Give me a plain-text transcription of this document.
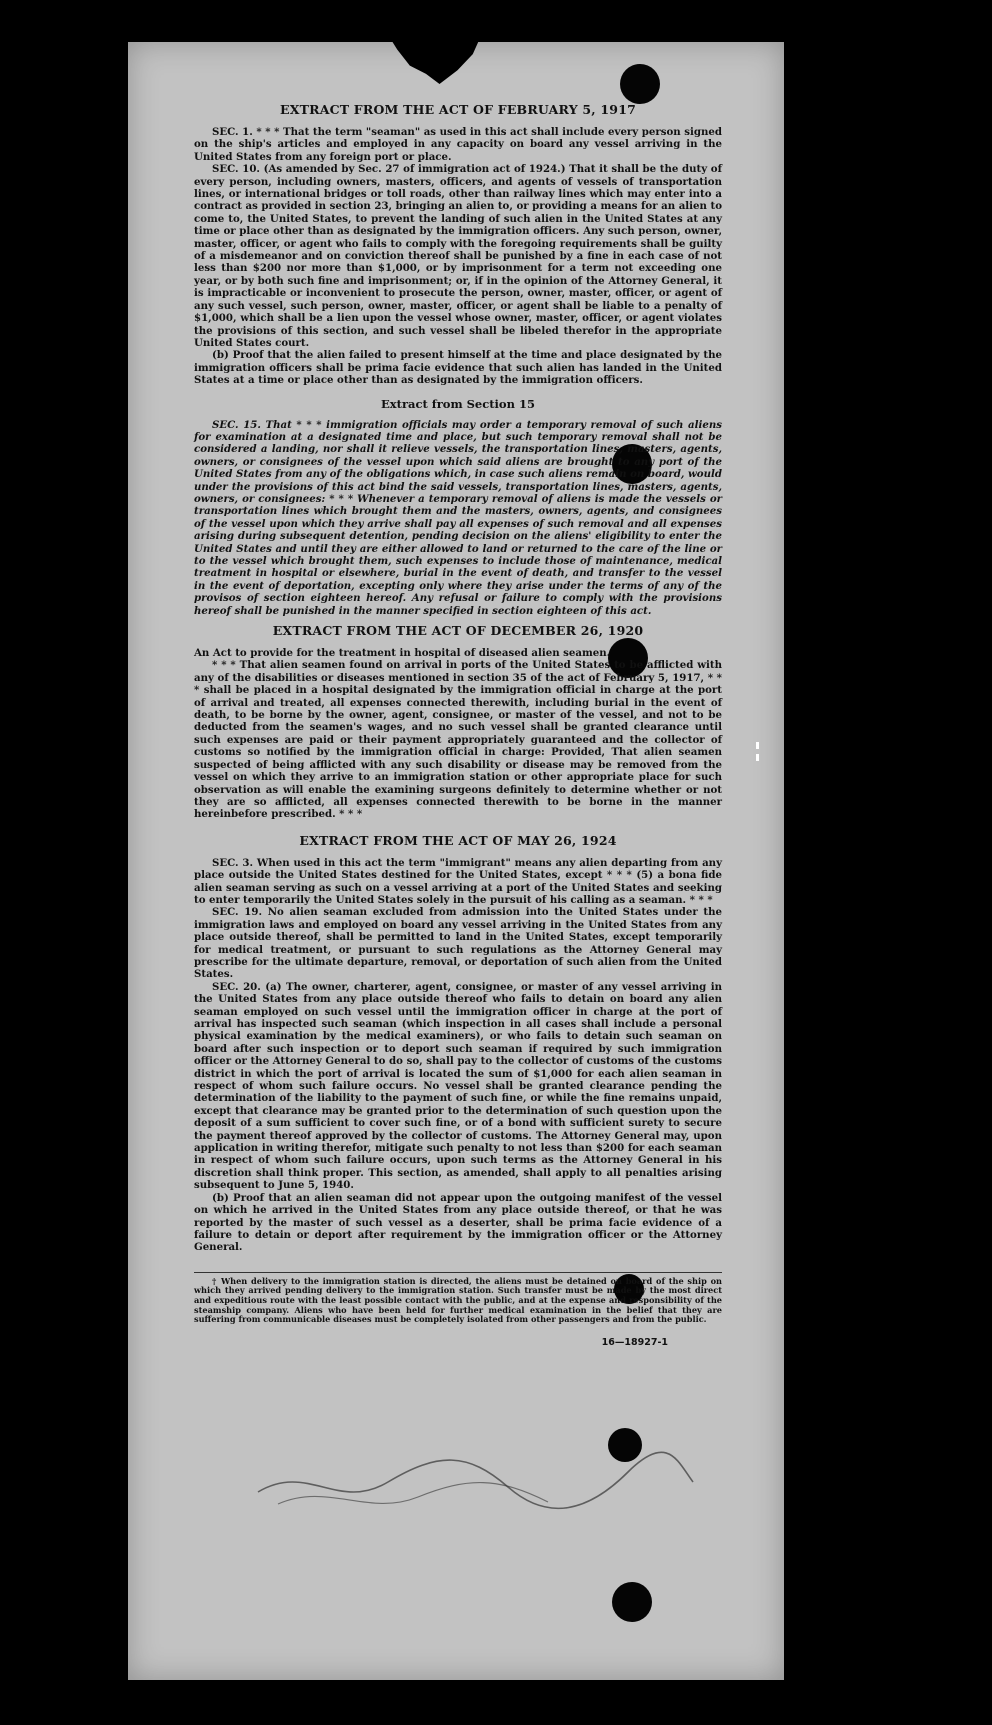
EXTRACT FROM THE ACT OF FEBRUARY 5, 1917

SEC. 1. * * * That the term "seaman" as used in this act shall include every person signed on the ship's articles and employed in any capacity on board any vessel arriving in the United States from any foreign port or place.

SEC. 10. (As amended by Sec. 27 of immigration act of 1924.) That it shall be the duty of every person, including owners, masters, officers, and agents of vessels of transportation lines, or international bridges or toll roads, other than railway lines which may enter into a contract as provided in section 23, bringing an alien to, or providing a means for an alien to come to, the United States, to prevent the landing of such alien in the United States at any time or place other than as designated by the immigration officers. Any such person, owner, master, officer, or agent who fails to comply with the foregoing requirements shall be guilty of a misdemeanor and on conviction thereof shall be punished by a fine in each case of not less than $200 nor more than $1,000, or by imprisonment for a term not exceeding one year, or by both such fine and imprisonment; or, if in the opinion of the Attorney General, it is impracticable or inconvenient to prosecute the person, owner, master, officer, or agent of any such vessel, such person, owner, master, officer, or agent shall be liable to a penalty of $1,000, which shall be a lien upon the vessel whose owner, master, officer, or agent violates the provisions of this section, and such vessel shall be libeled therefor in the appropriate United States court.

(b) Proof that the alien failed to present himself at the time and place designated by the immigration officers shall be prima facie evidence that such alien has landed in the United States at a time or place other than as designated by the immigration officers.

Extract from Section 15

SEC. 15. That * * * immigration officials may order a temporary removal of such aliens for examination at a designated time and place, but such temporary removal shall not be considered a landing, nor shall it relieve vessels, the transportation lines, masters, agents, owners, or consignees of the vessel upon which said aliens are brought to any port of the United States from any of the obligations which, in case such aliens remain on board, would under the provisions of this act bind the said vessels, transportation lines, masters, agents, owners, or consignees: * * * Whenever a temporary removal of aliens is made the vessels or transportation lines which brought them and the masters, owners, agents, and consignees of the vessel upon which they arrive shall pay all expenses of such removal and all expenses arising during subsequent detention, pending decision on the aliens' eligibility to enter the United States and until they are either allowed to land or returned to the care of the line or to the vessel which brought them, such expenses to include those of maintenance, medical treatment in hospital or elsewhere, burial in the event of death, and transfer to the vessel in the event of deportation, excepting only where they arise under the terms of any of the provisos of section eighteen hereof. Any refusal or failure to comply with the provisions hereof shall be punished in the manner specified in section eighteen of this act.

EXTRACT FROM THE ACT OF DECEMBER 26, 1920

An Act to provide for the treatment in hospital of diseased alien seamen.

* * * That alien seamen found on arrival in ports of the United States to be afflicted with any of the disabilities or diseases mentioned in section 35 of the act of February 5, 1917, * * * shall be placed in a hospital designated by the immigration official in charge at the port of arrival and treated, all expenses connected therewith, including burial in the event of death, to be borne by the owner, agent, consignee, or master of the vessel, and not to be deducted from the seamen's wages, and no such vessel shall be granted clearance until such expenses are paid or their payment appropriately guaranteed and the collector of customs so notified by the immigration official in charge: Provided, That alien seamen suspected of being afflicted with any such disability or disease may be removed from the vessel on which they arrive to an immigration station or other appropriate place for such observation as will enable the examining surgeons definitely to determine whether or not they are so afflicted, all expenses connected therewith to be borne in the manner hereinbefore prescribed. * * *

EXTRACT FROM THE ACT OF MAY 26, 1924

SEC. 3. When used in this act the term "immigrant" means any alien departing from any place outside the United States destined for the United States, except * * * (5) a bona fide alien seaman serving as such on a vessel arriving at a port of the United States and seeking to enter temporarily the United States solely in the pursuit of his calling as a seaman. * * *

SEC. 19. No alien seaman excluded from admission into the United States under the immigration laws and employed on board any vessel arriving in the United States from any place outside thereof, shall be permitted to land in the United States, except temporarily for medical treatment, or pursuant to such regulations as the Attorney General may prescribe for the ultimate departure, removal, or deportation of such alien from the United States.

SEC. 20. (a) The owner, charterer, agent, consignee, or master of any vessel arriving in the United States from any place outside thereof who fails to detain on board any alien seaman employed on such vessel until the immigration officer in charge at the port of arrival has inspected such seaman (which inspection in all cases shall include a personal physical examination by the medical examiners), or who fails to detain such seaman on board after such inspection or to deport such seaman if required by such immigration officer or the Attorney General to do so, shall pay to the collector of customs of the customs district in which the port of arrival is located the sum of $1,000 for each alien seaman in respect of whom such failure occurs. No vessel shall be granted clearance pending the determination of the liability to the payment of such fine, or while the fine remains unpaid, except that clearance may be granted prior to the determination of such question upon the deposit of a sum sufficient to cover such fine, or of a bond with sufficient surety to secure the payment thereof approved by the collector of customs. The Attorney General may, upon application in writing therefor, mitigate such penalty to not less than $200 for each seaman in respect of whom such failure occurs, upon such terms as the Attorney General in his discretion shall think proper. This section, as amended, shall apply to all penalties arising subsequent to June 5, 1940.

(b) Proof that an alien seaman did not appear upon the outgoing manifest of the vessel on which he arrived in the United States from any place outside thereof, or that he was reported by the master of such vessel as a deserter, shall be prima facie evidence of a failure to detain or deport after requirement by the immigration officer or the Attorney General.

† When delivery to the immigration station is directed, the aliens must be detained on board of the ship on which they arrived pending delivery to the immigration station. Such transfer must be made by the most direct and expeditious route with the least possible contact with the public, and at the expense and responsibility of the steamship company. Aliens who have been held for further medical examination in the belief that they are suffering from communicable diseases must be completely isolated from other passengers and from the public.

16—18927-1
